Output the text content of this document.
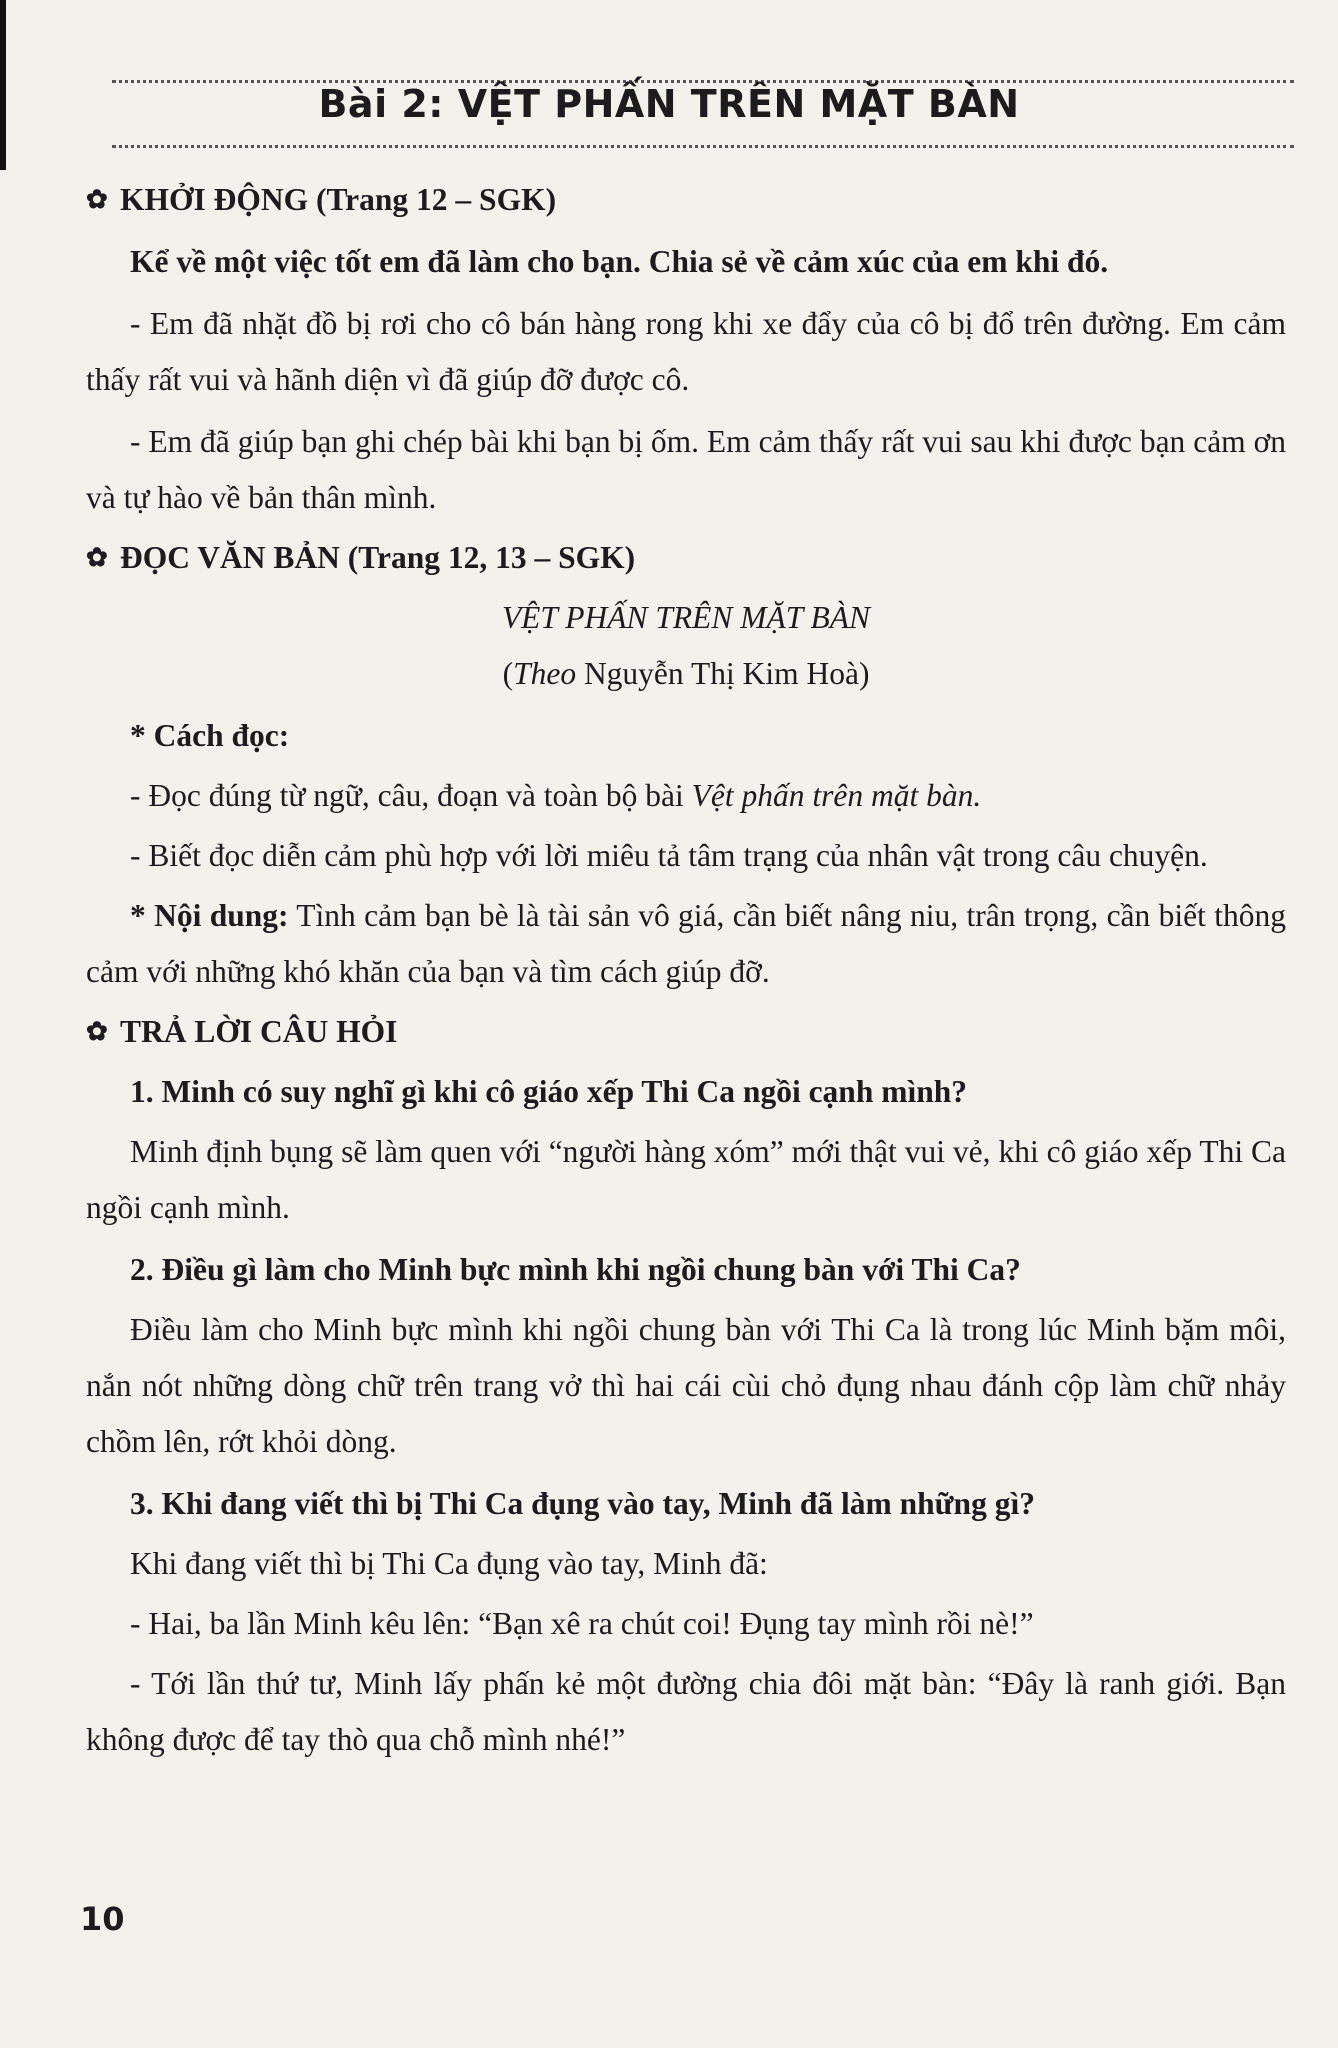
Bài 2: VỆT PHẤN TRÊN MẶT BÀN
✿ KHỞI ĐỘNG (Trang 12 – SGK)

Kể về một việc tốt em đã làm cho bạn. Chia sẻ về cảm xúc của em khi đó.

- Em đã nhặt đồ bị rơi cho cô bán hàng rong khi xe đẩy của cô bị đổ trên đường. Em cảm thấy rất vui và hãnh diện vì đã giúp đỡ được cô.

- Em đã giúp bạn ghi chép bài khi bạn bị ốm. Em cảm thấy rất vui sau khi được bạn cảm ơn và tự hào về bản thân mình.

✿ ĐỌC VĂN BẢN (Trang 12, 13 – SGK)

VỆT PHẤN TRÊN MẶT BÀN

(Theo Nguyễn Thị Kim Hoà)

* Cách đọc:

- Đọc đúng từ ngữ, câu, đoạn và toàn bộ bài Vệt phấn trên mặt bàn.

- Biết đọc diễn cảm phù hợp với lời miêu tả tâm trạng của nhân vật trong câu chuyện.

* Nội dung: Tình cảm bạn bè là tài sản vô giá, cần biết nâng niu, trân trọng, cần biết thông cảm với những khó khăn của bạn và tìm cách giúp đỡ.

✿ TRẢ LỜI CÂU HỎI

1. Minh có suy nghĩ gì khi cô giáo xếp Thi Ca ngồi cạnh mình?

Minh định bụng sẽ làm quen với “người hàng xóm” mới thật vui vẻ, khi cô giáo xếp Thi Ca ngồi cạnh mình.

2. Điều gì làm cho Minh bực mình khi ngồi chung bàn với Thi Ca?

Điều làm cho Minh bực mình khi ngồi chung bàn với Thi Ca là trong lúc Minh bặm môi, nắn nót những dòng chữ trên trang vở thì hai cái cùi chỏ đụng nhau đánh cộp làm chữ nhảy chồm lên, rớt khỏi dòng.

3. Khi đang viết thì bị Thi Ca đụng vào tay, Minh đã làm những gì?

Khi đang viết thì bị Thi Ca đụng vào tay, Minh đã:

- Hai, ba lần Minh kêu lên: “Bạn xê ra chút coi! Đụng tay mình rồi nè!”

- Tới lần thứ tư, Minh lấy phấn kẻ một đường chia đôi mặt bàn: “Đây là ranh giới. Bạn không được để tay thò qua chỗ mình nhé!”

10
